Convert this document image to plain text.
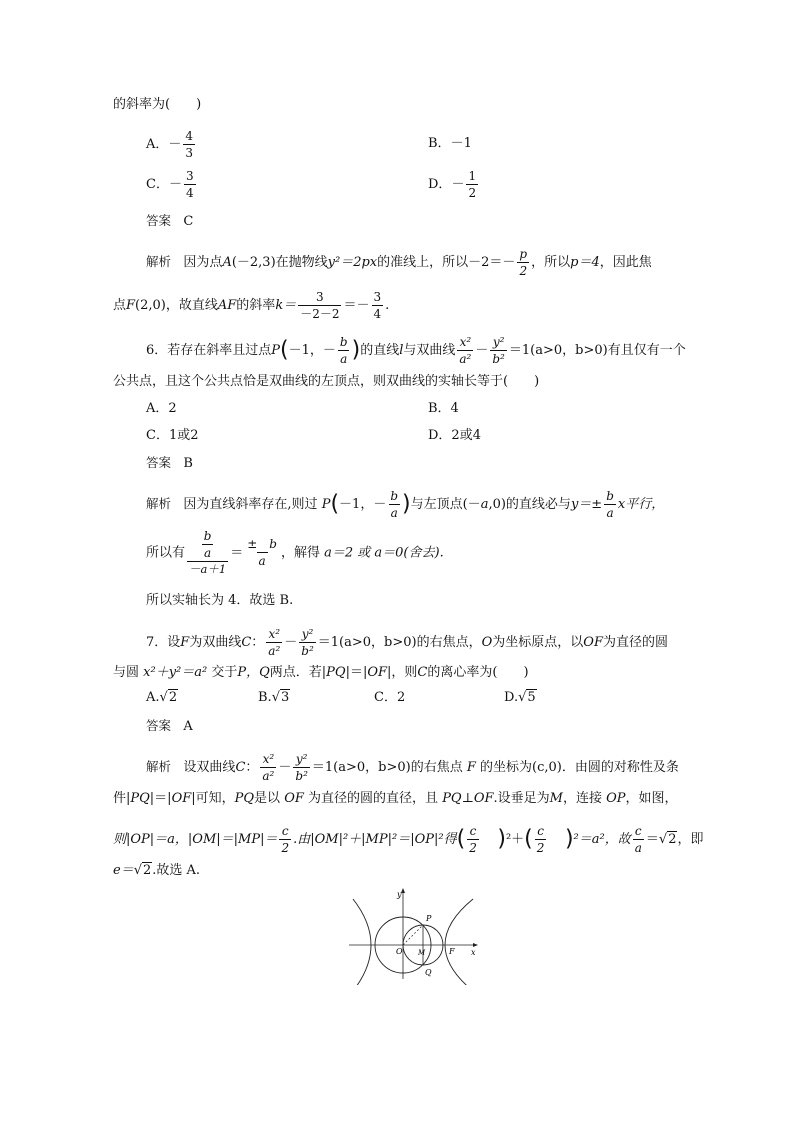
的斜率为(　　)
A．－ $\frac{4}{3}$	B．－1
C．－ $\frac{3}{4}$	D．－ $\frac{1}{2}$
答案 C
解析 因为点A(－2,3)在抛物线y²＝2px的准线上，所以$-2=- \frac{p}{2}$ ，所以p＝4，因此焦
点F(2,0)，故直线AF的斜率$k= \frac{3}{-2-2} =- \frac{3}{4}$ .
6．若存在斜率且过点P(－1，－ $\frac{b}{a}$ )的直线l与双曲线 $\frac{\text{x²}}{\text{a²}} - \frac{\text{y²}}{\text{b²}} =1(a>0$，b>0)有且仅有一个
公共点，且这个公共点恰是双曲线的左顶点，则双曲线的实轴长等于(　　)
A．2	B．4
C．1或2	D．2或4
答案 B
解析 因为直线斜率存在,则过 P(－1，－ $\frac{b}{a}$ )与左顶点(－a,0)的直线必与$y=\pm \frac{b}{a}$ x平行，
所以有 $\frac{\frac{b}{a}}{-a+1} = \frac{\pm b}{a}$ ，解得 a＝2 或 a＝0(舍去).
所以实轴长为 4．故选 B.
7．设F为双曲线C： $\frac{\text{x²}}{\text{a²}} - \frac{\text{y²}}{\text{b²}} =1(a>0$，b>0)的右焦点，O为坐标原点，以OF为直径的圆
与圆 x²＋y²＝a² 交于P，Q两点．若|PQ|＝|OF|，则C的离心率为(　　)
A.√2	B.√3	C．2	D.√5
答案 A
解析 设双曲线C： $\frac{\text{x²}}{\text{a²}} - \frac{\text{y²}}{\text{b²}} =1(a>0$，b>0)的右焦点 F 的坐标为(c,0)．由圆的对称性及条
件|PQ|＝|OF|可知，PQ是以 OF 为直径的圆的直径，且 PQ⊥OF.设垂足为M，连接 OP，如图，
则|OP|＝a，$|OM|=|MP|= \frac{c}{2}$ .由|OM|²＋|MP|²＝|OP|²得( $\frac{c}{2} )^2+( \frac{c}{2} )^2=a^2$，故 $\frac{c}{a} =√2$，即
e＝√2.故选 A.
y
x
P
O M	F
Q
